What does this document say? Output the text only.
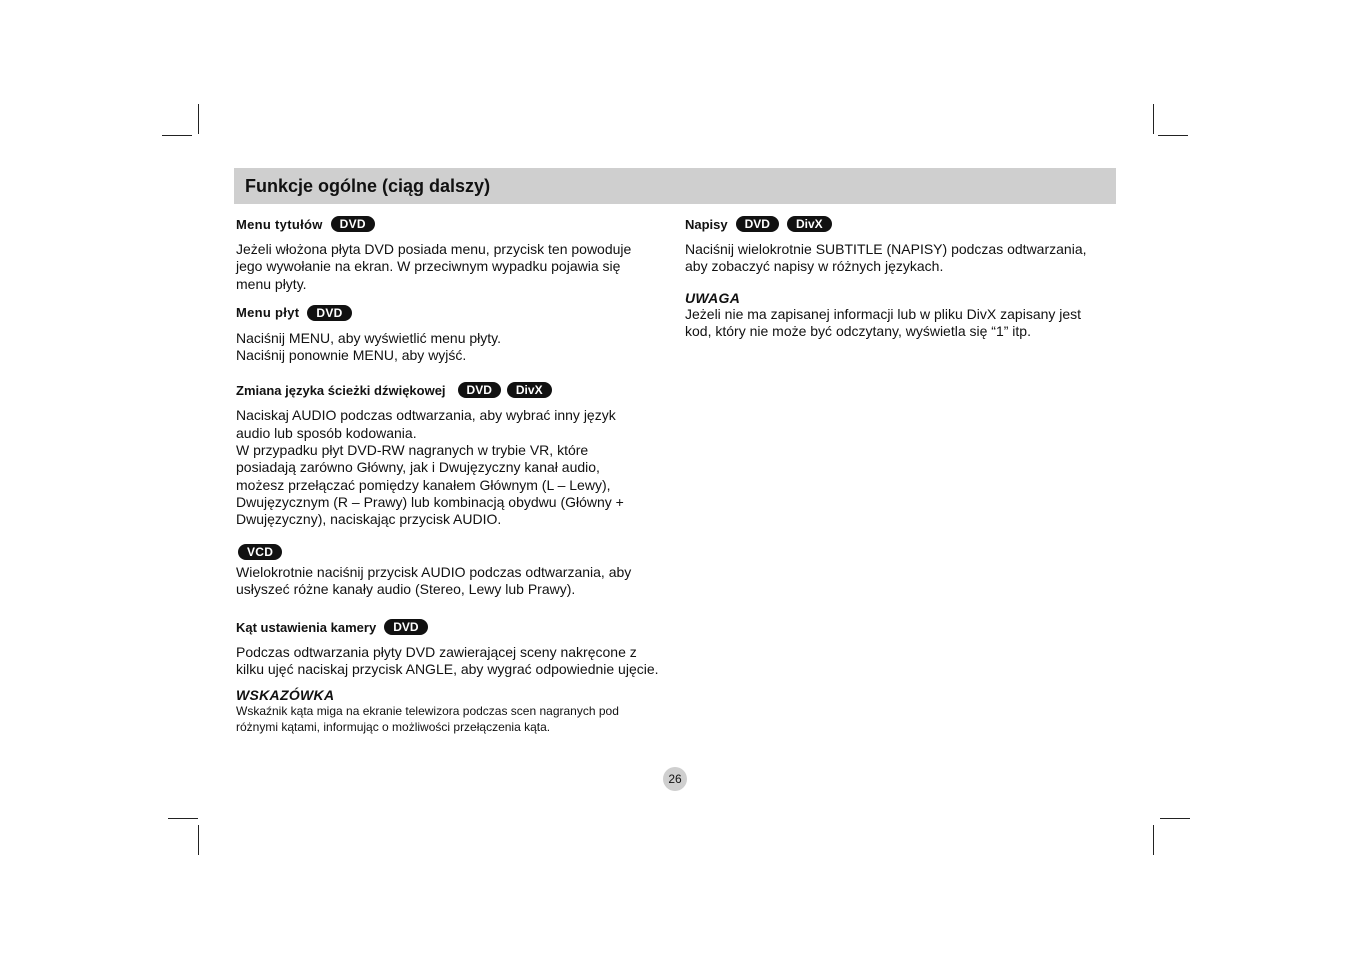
Funkcje ogólne (ciąg dalszy)
Menu tytułów	DVD

Jeżeli włożona płyta DVD posiada menu, przycisk ten powoduje
jego wywołanie na ekran. W przeciwnym wypadku pojawia się
menu płyty.

Menu płyt	DVD

Naciśnij MENU, aby wyświetlić menu płyty.
Naciśnij ponownie MENU, aby wyjść.

Zmiana języka ścieżki dźwiękowej	DVD	DivX

Naciskaj AUDIO podczas odtwarzania, aby wybrać inny język
audio lub sposób kodowania.
W przypadku płyt DVD-RW nagranych w trybie VR, które
posiadają zarówno Główny, jak i Dwujęzyczny kanał audio,
możesz przełączać pomiędzy kanałem Głównym (L – Lewy),
Dwujęzycznym (R – Prawy) lub kombinacją obydwu (Główny +
Dwujęzyczny), naciskając przycisk AUDIO.

VCD

Wielokrotnie naciśnij przycisk AUDIO podczas odtwarzania, aby
usłyszeć różne kanały audio (Stereo, Lewy lub Prawy).

Kąt ustawienia kamery	DVD

Podczas odtwarzania płyty DVD zawierającej sceny nakręcone z
kilku ujęć naciskaj przycisk ANGLE, aby wygrać odpowiednie ujęcie.

WSKAZÓWKA

Wskaźnik kąta miga na ekranie telewizora podczas scen nagranych pod
różnymi kątami, informując o możliwości przełączenia kąta.

Napisy	DVD	DivX

Naciśnij wielokrotnie SUBTITLE (NAPISY) podczas odtwarzania,
aby zobaczyć napisy w różnych językach.

UWAGA

Jeżeli nie ma zapisanej informacji lub w pliku DivX zapisany jest
kod, który nie może być odczytany, wyświetla się “1” itp.

26
